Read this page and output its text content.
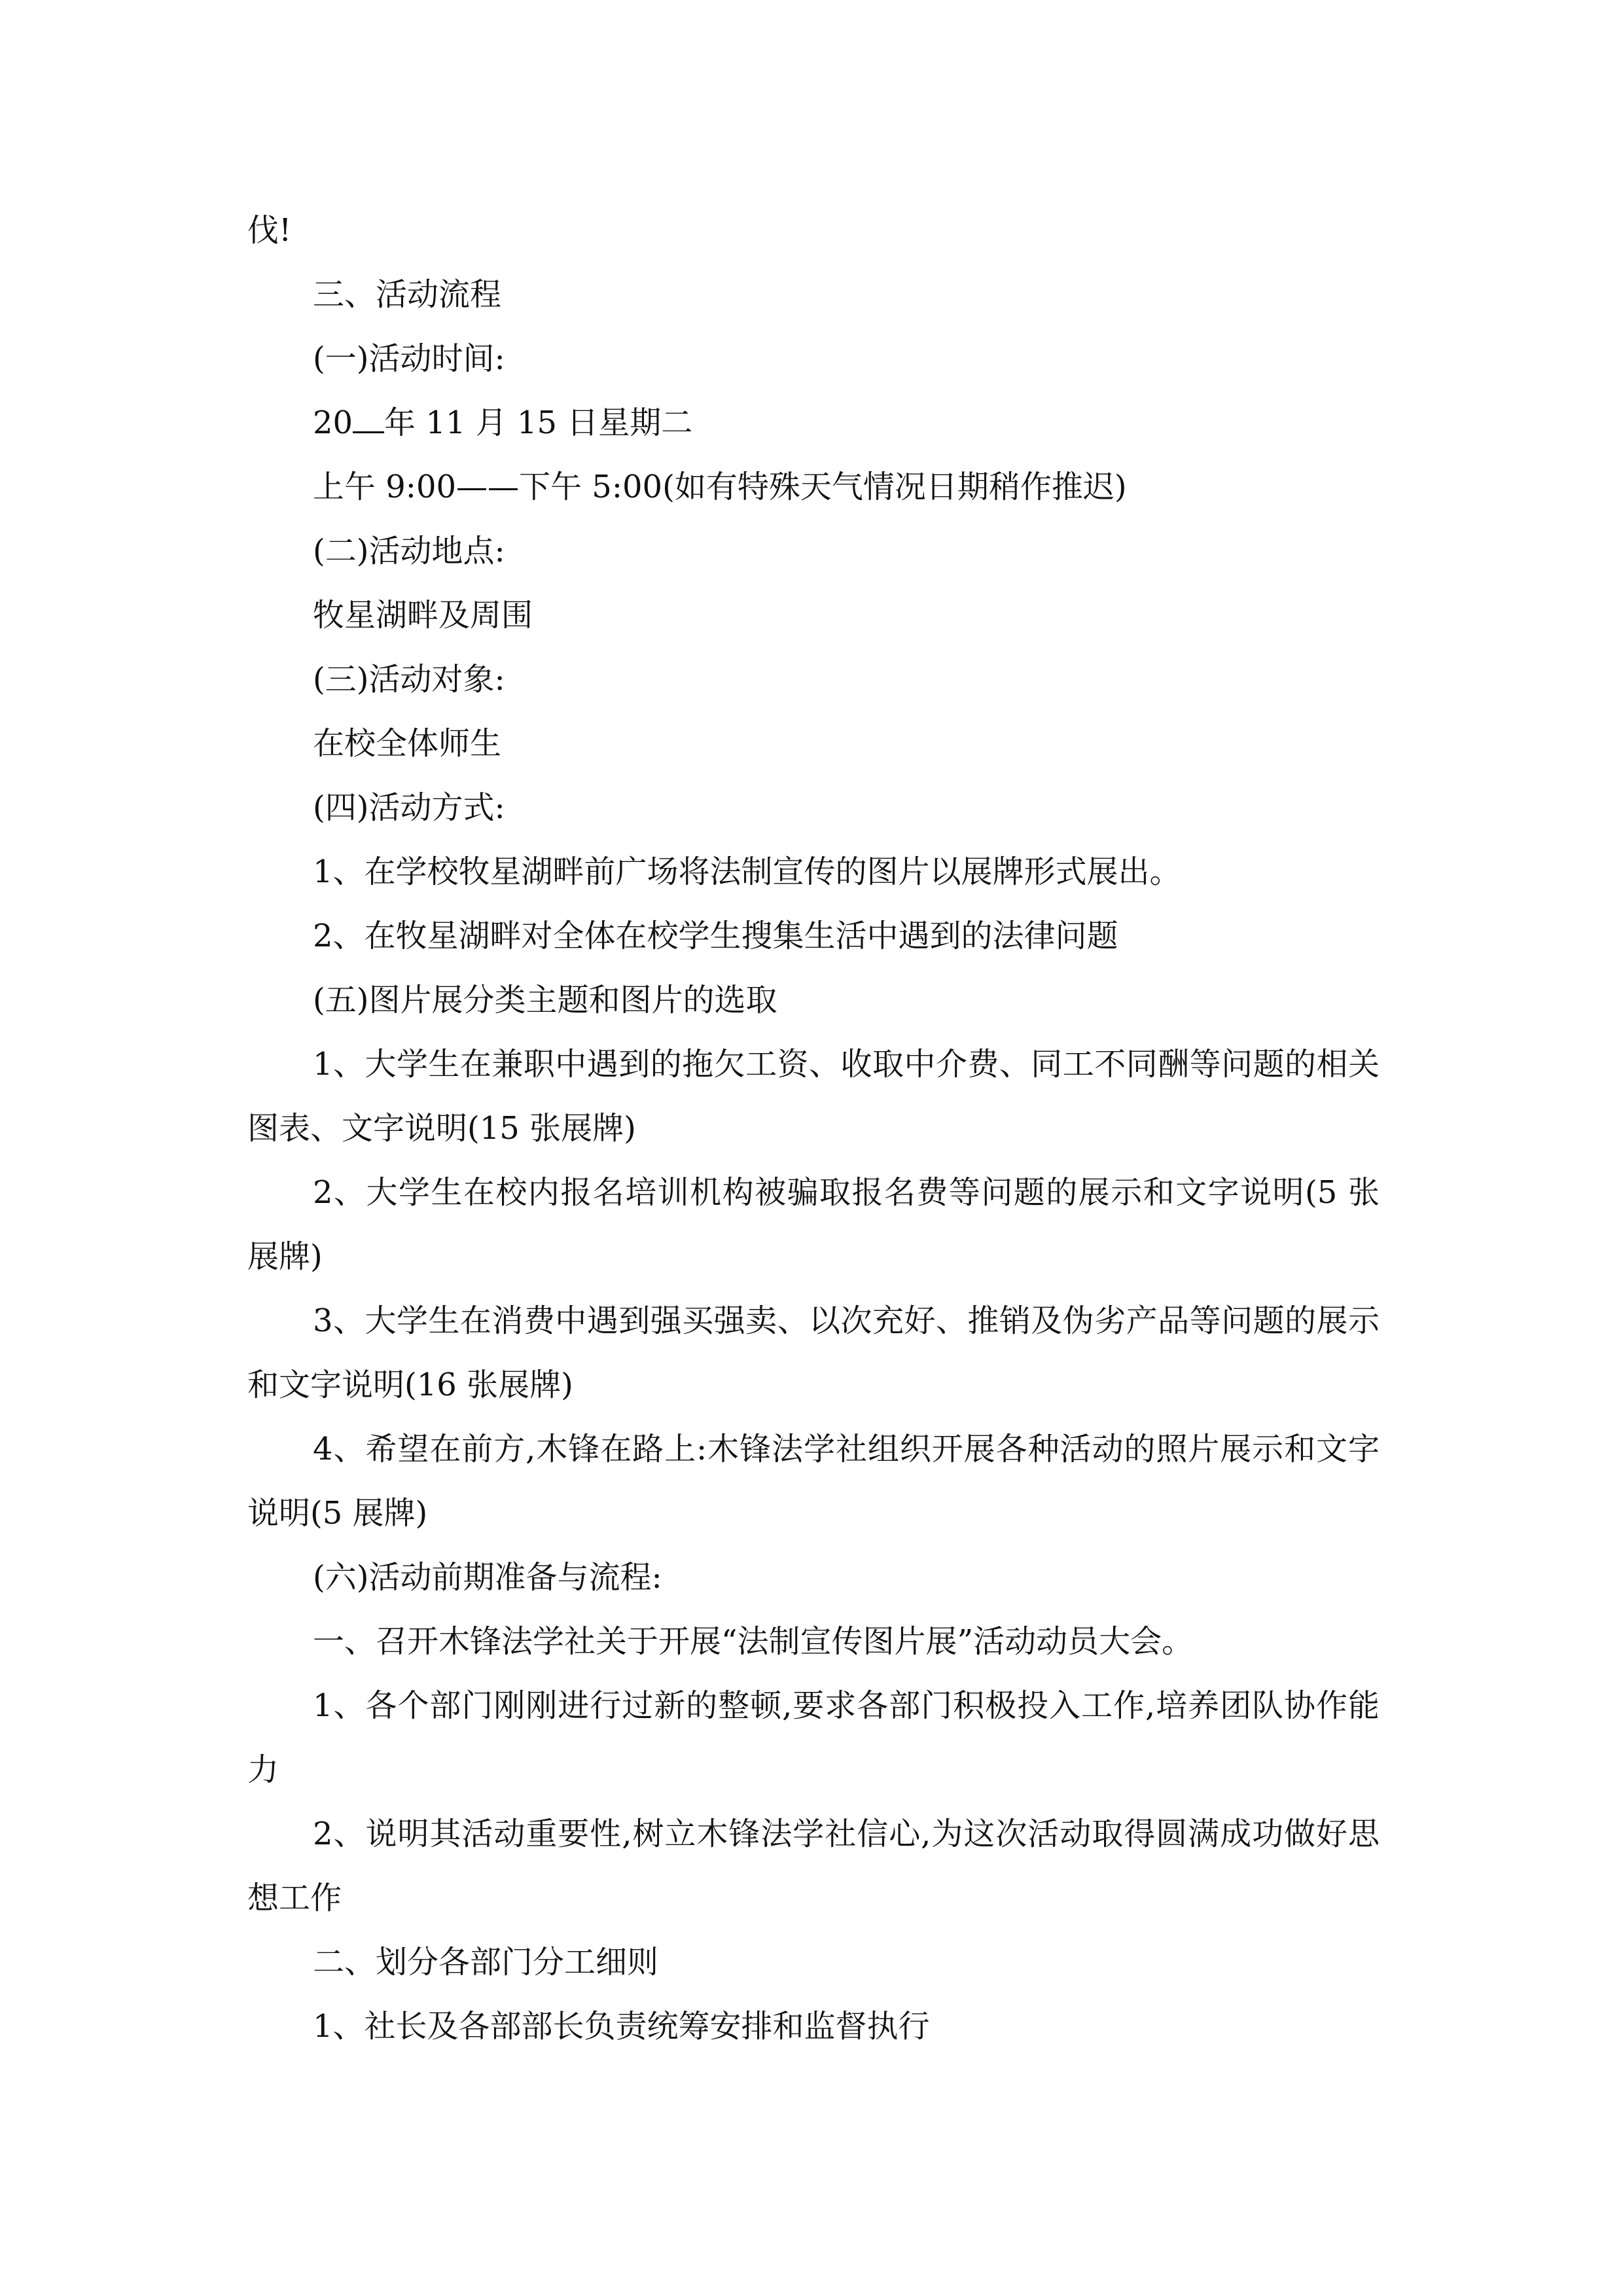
伐!

三、活动流程

(一)活动时间:

20 年 11 月 15 日星期二

上午 9:00——下午 5:00(如有特殊天气情况日期稍作推迟)

(二)活动地点:

牧星湖畔及周围

(三)活动对象:

在校全体师生

(四)活动方式:

1、在学校牧星湖畔前广场将法制宣传的图片以展牌形式展出。

2、在牧星湖畔对全体在校学生搜集生活中遇到的法律问题

(五)图片展分类主题和图片的选取

1、大学生在兼职中遇到的拖欠工资、收取中介费、同工不同酬等问题的相关图表、文字说明(15 张展牌)

2、大学生在校内报名培训机构被骗取报名费等问题的展示和文字说明(5 张展牌)

3、大学生在消费中遇到强买强卖、以次充好、推销及伪劣产品等问题的展示和文字说明(16 张展牌)

4、希望在前方,木锋在路上:木锋法学社组织开展各种活动的照片展示和文字说明(5 展牌)

(六)活动前期准备与流程:

一、召开木锋法学社关于开展“法制宣传图片展”活动动员大会。

1、各个部门刚刚进行过新的整顿,要求各部门积极投入工作,培养团队协作能力

2、说明其活动重要性,树立木锋法学社信心,为这次活动取得圆满成功做好思想工作

二、划分各部门分工细则

1、社长及各部部长负责统筹安排和监督执行
